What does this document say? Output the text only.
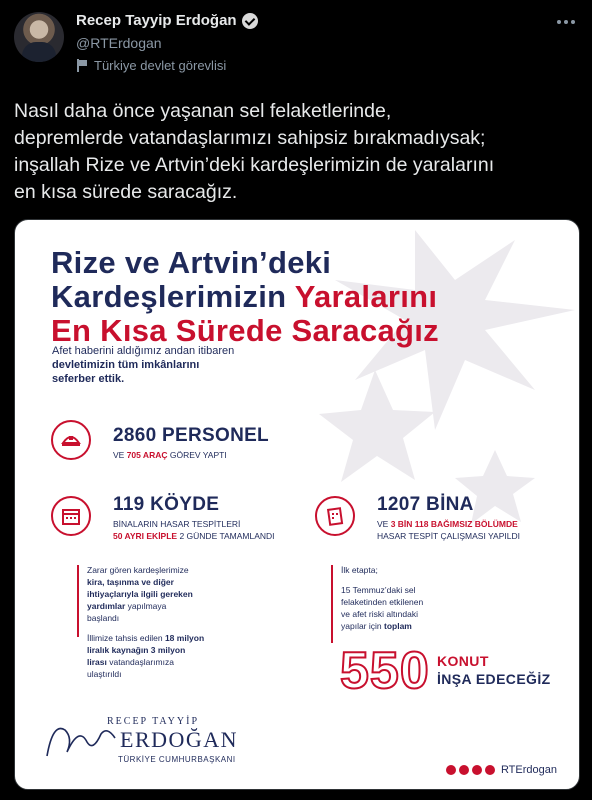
Recep Tayyip Erdoğan
@RTErdogan
Türkiye devlet görevlisi
Nasıl daha önce yaşanan sel felaketlerinde,
depremlerde vatandaşlarımızı sahipsiz bırakmadıysak;
inşallah Rize ve Artvin’deki kardeşlerimizin de yaralarını
en kısa sürede saracağız.
Rize ve Artvin’deki
Kardeşlerimizin Yaralarını
En Kısa Sürede Saracağız
Afet haberini aldığımız andan itibaren
devletimizin tüm imkânlarını
seferber ettik.
2860 PERSONEL
VE 705 ARAÇ GÖREV YAPTI
119 KÖYDE
BİNALARIN HASAR TESPİTLERİ
50 AYRI EKİPLE 2 GÜNDE TAMAMLANDI
1207 BİNA
VE 3 BİN 118 BAĞIMSIZ BÖLÜMDE
HASAR TESPİT ÇALIŞMASI YAPILDI
Zarar gören kardeşlerimize
kira, taşınma ve diğer
ihtiyaçlarıyla ilgili gereken
yardımlar yapılmaya
başlandı
İllimize tahsis edilen 18 milyon
liralık kaynağın 3 milyon
lirası vatandaşlarımıza
ulaştırıldı
İlk etapta;
15 Temmuz’daki sel
felaketinden etkilenen
ve afet riski altındaki
yapılar için toplam
550 KONUT
İNŞA EDECEĞİZ
RECEP TAYYİP
ERDOĞAN
TÜRKİYE CUMHURBAŞKANI
RTErdogan
